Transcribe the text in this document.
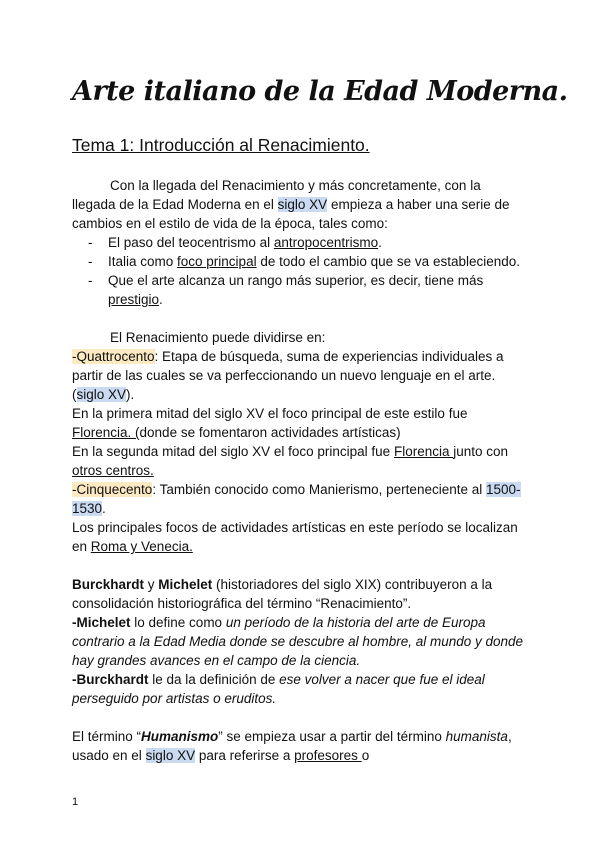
Arte italiano de la Edad Moderna.
Tema 1: Introducción al Renacimiento.

Con la llegada del Renacimiento y más concretamente, con la llegada de la Edad Moderna en el siglo XV empieza a haber una serie de cambios en el estilo de vida de la época, tales como:

- El paso del teocentrismo al antropocentrismo.
- Italia como foco principal de todo el cambio que se va estableciendo.
- Que el arte alcanza un rango más superior, es decir, tiene más prestigio.

El Renacimiento puede dividirse en:

-Quattrocento: Etapa de búsqueda, suma de experiencias individuales a partir de las cuales se va perfeccionando un nuevo lenguaje en el arte. (siglo XV).

En la primera mitad del siglo XV el foco principal de este estilo fue Florencia. (donde se fomentaron actividades artísticas)

En la segunda mitad del siglo XV el foco principal fue Florencia junto con otros centros.

-Cinquecento: También conocido como Manierismo, perteneciente al 1500-1530.

Los principales focos de actividades artísticas en este período se localizan en Roma y Venecia.

Burckhardt y Michelet (historiadores del siglo XIX) contribuyeron a la consolidación historiográfica del término “Renacimiento”.

-Michelet lo define como un período de la historia del arte de Europa contrario a la Edad Media donde se descubre al hombre, al mundo y donde hay grandes avances en el campo de la ciencia.

-Burckhardt le da la definición de ese volver a nacer que fue el ideal perseguido por artistas o eruditos.

El término “Humanismo” se empieza usar a partir del término humanista, usado en el siglo XV para referirse a profesores o

1
